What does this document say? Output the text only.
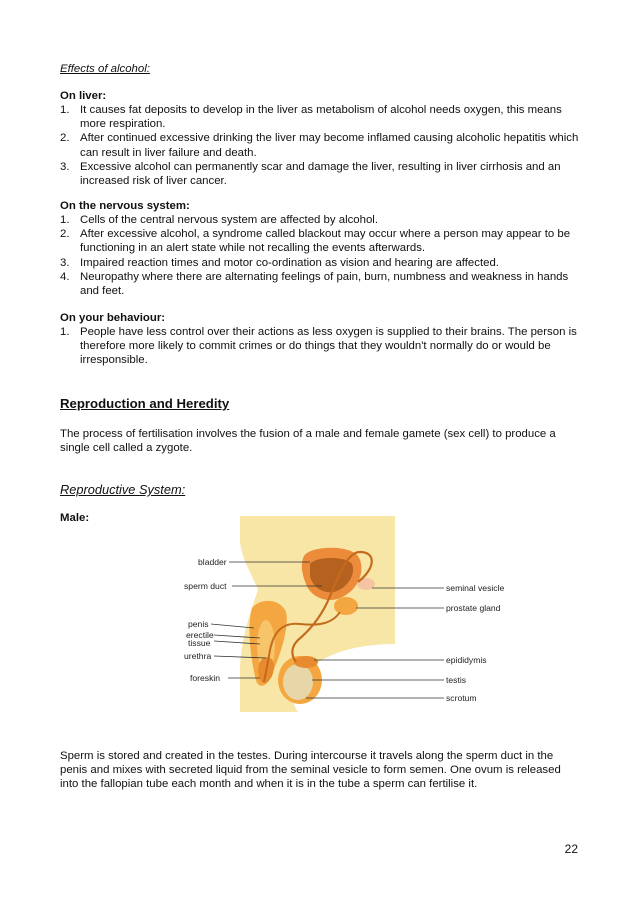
Effects of alcohol:
On liver:
1. It causes fat deposits to develop in the liver as metabolism of alcohol needs oxygen, this means more respiration.
2. After continued excessive drinking the liver may become inflamed causing alcoholic hepatitis which can result in liver failure and death.
3. Excessive alcohol can permanently scar and damage the liver, resulting in liver cirrhosis and an increased risk of liver cancer.
On the nervous system:
1. Cells of the central nervous system are affected by alcohol.
2. After excessive alcohol, a syndrome called blackout may occur where a person may appear to be functioning in an alert state while not recalling the events afterwards.
3. Impaired reaction times and motor co-ordination as vision and hearing are affected.
4. Neuropathy where there are alternating feelings of pain, burn, numbness and weakness in hands and feet.
On your behaviour:
1. People have less control over their actions as less oxygen is supplied to their brains. The person is therefore more likely to commit crimes or do things that they wouldn't normally do or would be irresponsible.
Reproduction and Heredity
The process of fertilisation involves the fusion of a male and female gamete (sex cell) to produce a single cell called a zygote.
Reproductive System:
Male:
bladder
sperm duct
penis
erectile
tissue
urethra
foreskin
seminal vesicle
prostate gland
epididymis
testis
scrotum
Sperm is stored and created in the testes. During intercourse it travels along the sperm duct in the penis and mixes with secreted liquid from the seminal vesicle to form semen. One ovum is released into the fallopian tube each month and when it is in the tube a sperm can fertilise it.
22
